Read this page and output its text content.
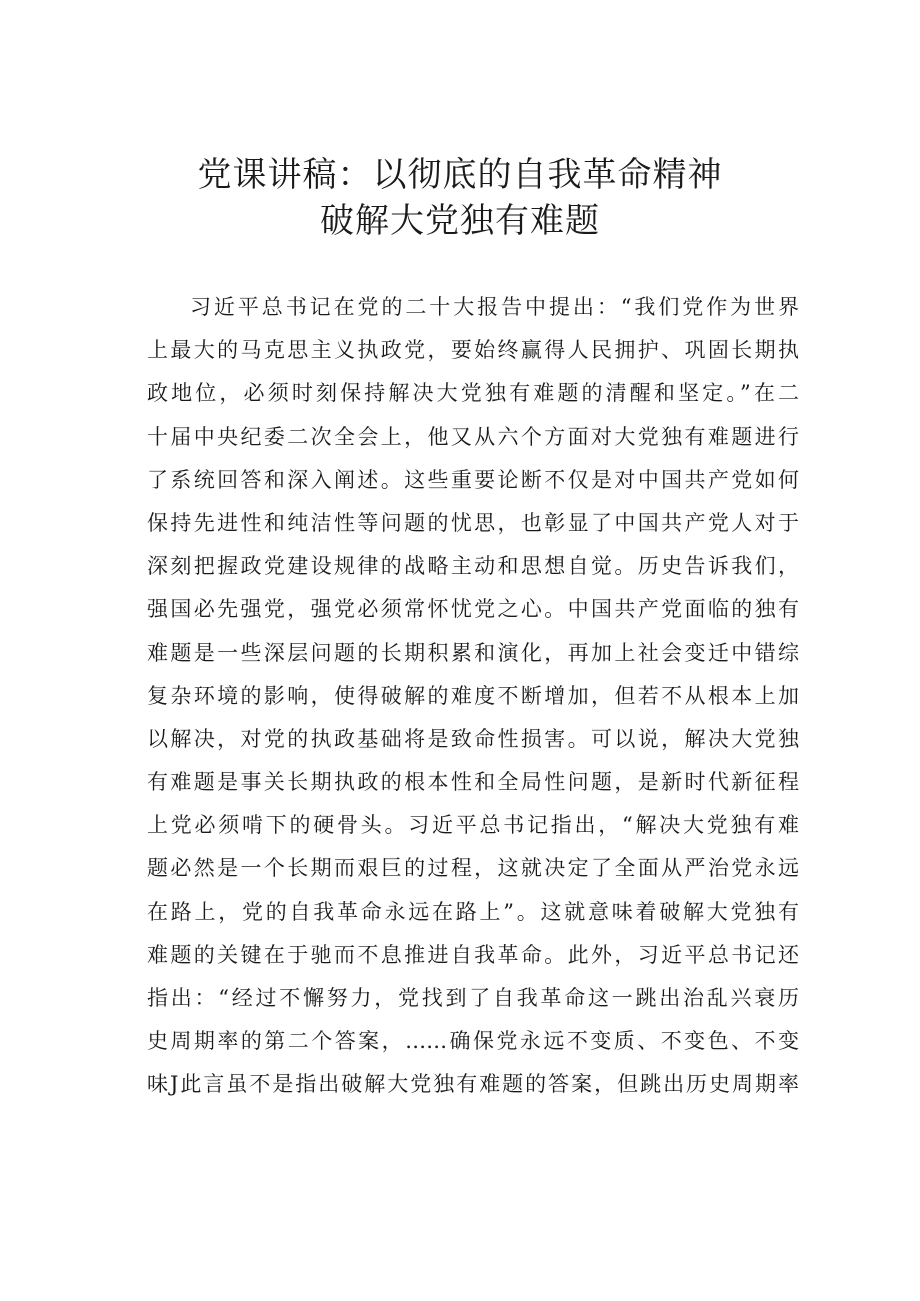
党课讲稿：以彻底的自我革命精神
破解大党独有难题
习近平总书记在党的二十大报告中提出：“我们党作为世界
上最大的马克思主义执政党，要始终赢得人民拥护、巩固长期执
政地位，必须时刻保持解决大党独有难题的清醒和坚定。”在二
十届中央纪委二次全会上，他又从六个方面对大党独有难题进行
了系统回答和深入阐述。这些重要论断不仅是对中国共产党如何
保持先进性和纯洁性等问题的忧思，也彰显了中国共产党人对于
深刻把握政党建设规律的战略主动和思想自觉。历史告诉我们，
强国必先强党，强党必须常怀忧党之心。中国共产党面临的独有
难题是一些深层问题的长期积累和演化，再加上社会变迁中错综
复杂环境的影响，使得破解的难度不断增加，但若不从根本上加
以解决，对党的执政基础将是致命性损害。可以说，解决大党独
有难题是事关长期执政的根本性和全局性问题，是新时代新征程
上党必须啃下的硬骨头。习近平总书记指出，“解决大党独有难
题必然是一个长期而艰巨的过程，这就决定了全面从严治党永远
在路上，党的自我革命永远在路上”。这就意味着破解大党独有
难题的关键在于驰而不息推进自我革命。此外，习近平总书记还
指出：“经过不懈努力，党找到了自我革命这一跳出治乱兴衰历
史周期率的第二个答案，……确保党永远不变质、不变色、不变
味J此言虽不是指出破解大党独有难题的答案，但跳出历史周期率
